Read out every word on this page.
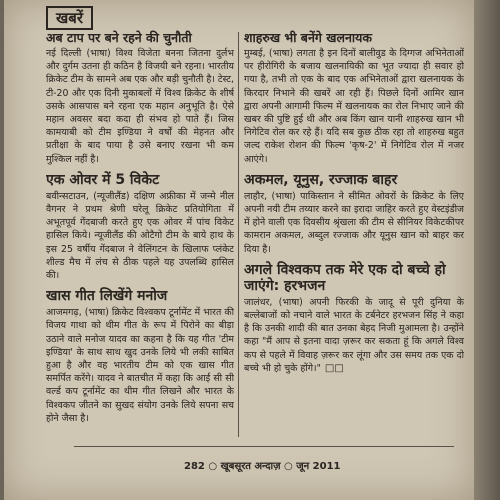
खबरें
अब टाप पर बने रहने की चुनौती

नई दिल्ली (भाषा) विश्व विजेता बनना जितना दुर्लभ और दुर्गम उतना ही कठिन है विजयी बने रहना। भारतीय क्रिकेट टीम के सामने अब एक और बड़ी चुनौती है। टेस्ट, टी-20 और एक दिनी मुकाबलों में विश्व क्रिकेट के शीर्ष उसके आसपास बने रहना एक महान अनुभूति है। ऐसे महान अवसर बदा कदा ही संभव हो पाते हैं। जिस कामयाबी को टीम इण्डिया ने वर्षों की मेहनत और प्रतीक्षा के बाद पाया है उसे बनाए रखना भी कम मुश्किल नहीं है।

एक ओवर में 5 विकेट

बवीन्सटाउन, (न्यूजीलैंड) दक्षिण अफ्रीका में जन्मे नील वैगनर ने प्रथम श्रेणी घरेलू क्रिकेट प्रतियोगिता में अभूतपूर्व गेंदबाजी करते हुए एक ओवर में पांच विकेट हासिल किये। न्यूजीलैंड की ओटैगो टीम के बाये हाथ के इस 25 वर्षीय गेंदबाज ने वेलिंगटन के खिलाफ प्लंकेट शील्ड मैच में लंच से ठीक पहले यह उपलब्धि हासिल की।

खास गीत लिखेंगे मनोज

आजमगढ़, (भाषा) क्रिकेट विश्वकप टूर्नामेंट में भारत की विजय गाथा को थीम गीत के रूप में पिरोने का बीड़ा उठाने वाले मनोज यादव का कहना है कि यह गीत 'टीम इण्डिया' के साथ साथ खुद उनके लिये भी लकी साबित हुआ है और वह भारतीय टीम को एक खास गीत समर्पित करेंगे। यादव ने बातचीत में कहा कि आई सी सी वर्ल्ड कप टूर्नामेंट का थीम गीत लिखने और भारत के विश्वकप जीतने का सुखद संयोग उनके लिये सपना सच होने जैसा है।

शाहरुख भी बनेंगे खलनायक

मुम्बई, (भाषा) लगता है इन दिनों बालीवुड के दिग्गज अभिनेताओं पर हीरोगिरी के बजाय खलनायिकी का भूत ज्यादा ही सवार हो गया है, तभी तो एक के बाद एक अभिनेताओं द्वारा खलनायक के किरदार निभाने की खबरें आ रही हैं। पिछले दिनों आमिर खान द्वारा अपनी आगामी फिल्म में खलनायक का रोल निभाए जाने की खबर की पुष्टि हुई थी और अब किंग खान यानी शाहरुख खान भी निगेटिव रोल कर रहे हैं। यदि सब कुछ ठीक रहा तो शाहरुख बहुत जल्द राकेश रोशन की फिल्म 'कृष-2' में निगेटिव रोल में नजर आएंगे।

अकमल, यूनुस, रज्जाक बाहर

लाहौर, (भाषा) पाकिस्तान ने सीमित ओवरों के क्रिकेट के लिए अपनी नयी टीम तय्यार करने का इरादा जाहिर करते हुए वेस्टइंडीज में होने वाली एक दिवसीय श्रृंखला की टीम से सीनियर विकेटकीपर कामरान अकमल, अब्दुल रज्जाक और यूनुस खान को बाहर कर दिया है।

अगले विश्वकप तक मेरे एक दो बच्चे हो जाएंगे: हरभजन

जालंधर, (भाषा) अपनी फिरकी के जादू से पूरी दुनिया के बल्लेबाजों को नचाने वाले भारत के टर्बनेटर हरभजन सिंह ने कहा है कि उनकी शादी की बात उनका बेहद निजी मुआमला है। उन्होंने कहा "मैं आप से इतना वादा ज़रूर कर सकता हूं कि अगले विश्व कप से पहले में विवाह ज़रूर कर लूंगा और उस समय तक एक दो बच्चे भी हो चुके होंगे।" □□

282 ○ खूबसूरत अन्दाज़ ○ जून 2011
